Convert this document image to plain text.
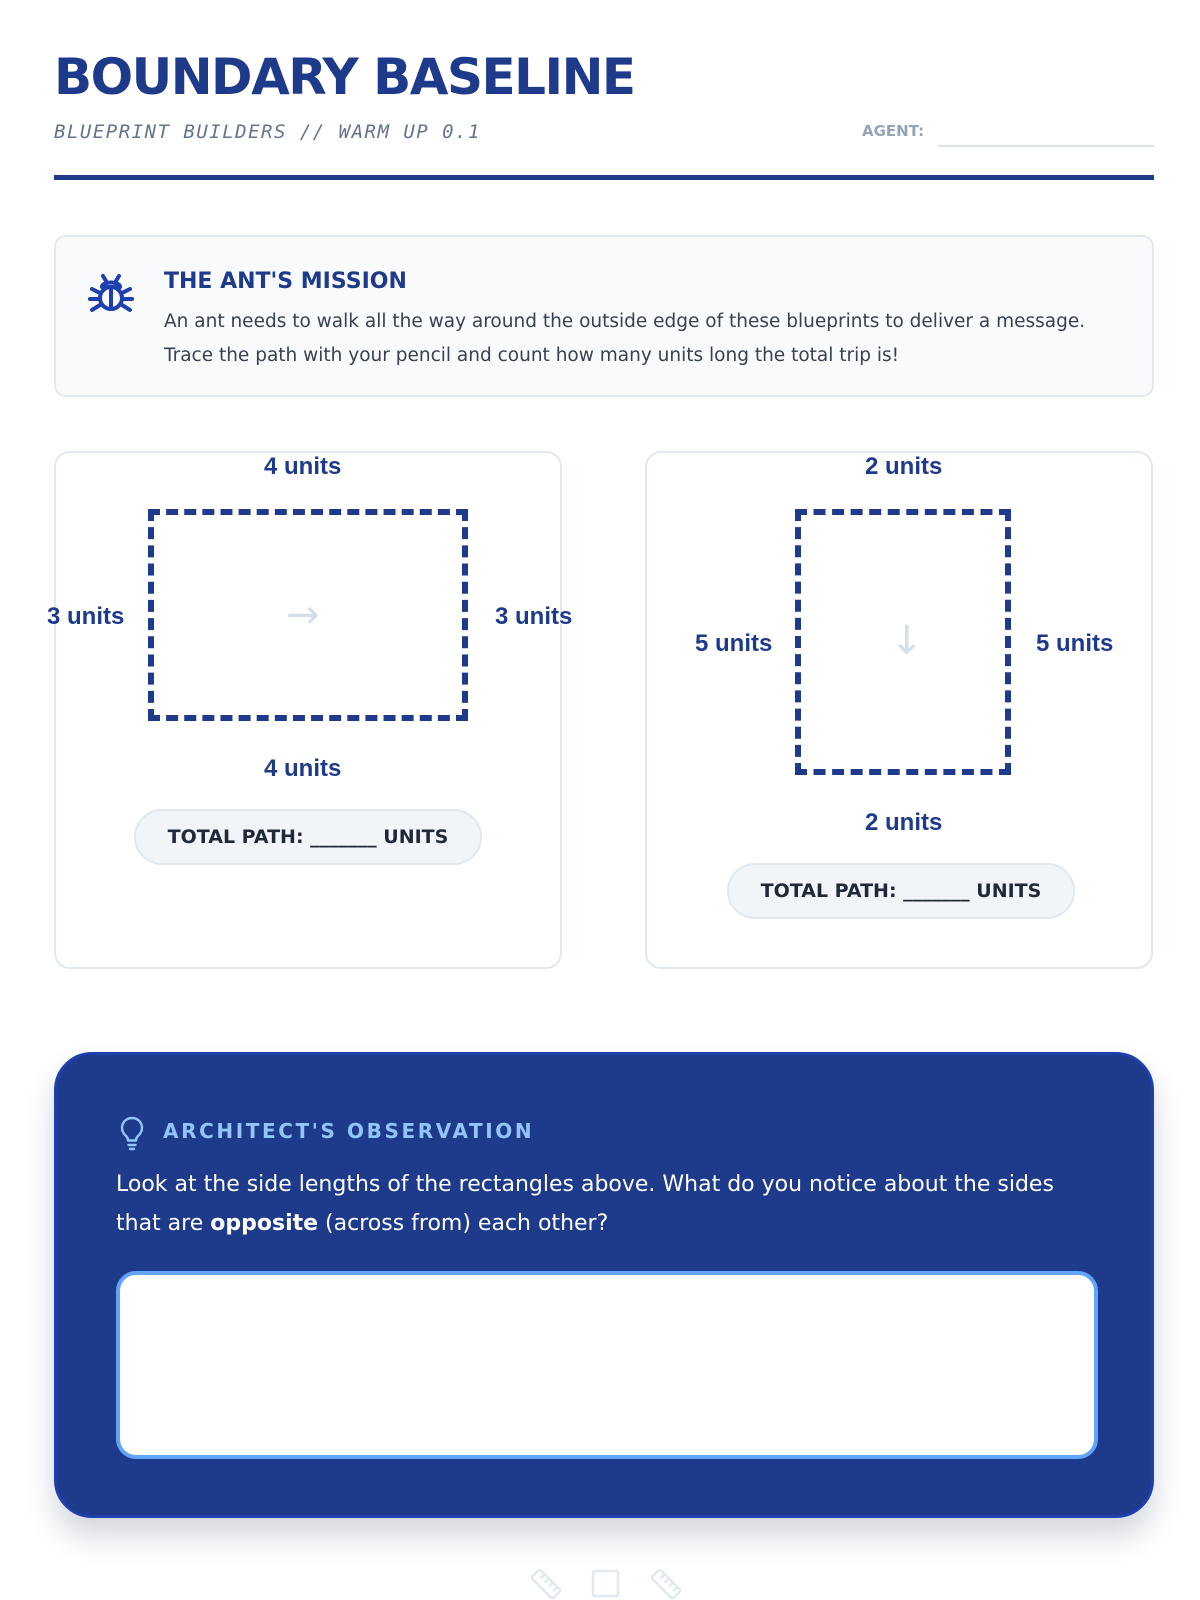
BOUNDARY BASELINE
BLUEPRINT BUILDERS // WARM UP 0.1	AGENT:
THE ANT'S MISSION

An ant needs to walk all the way around the outside edge of these blueprints to deliver a message. Trace the path with your pencil and count how many units long the total trip is!

4 units
→
3 units	3 units
4 units
TOTAL PATH: _______ UNITS
2 units
↓
5 units	5 units
2 units
TOTAL PATH: _______ UNITS
ARCHITECT'S OBSERVATION

Look at the side lengths of the rectangles above. What do you notice about the sides that are opposite (across from) each other?
